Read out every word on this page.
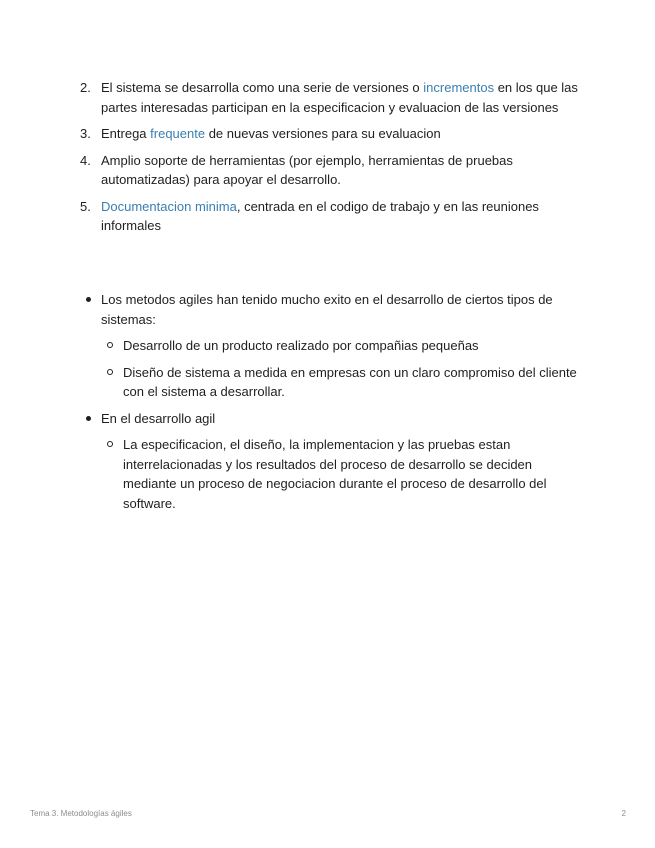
2. El sistema se desarrolla como una serie de versiones o incrementos en los que las partes interesadas participan en la especificacion y evaluacion de las versiones
3. Entrega frequente de nuevas versiones para su evaluacion
4. Amplio soporte de herramientas (por ejemplo, herramientas de pruebas automatizadas) para apoyar el desarrollo.
5. Documentacion minima, centrada en el codigo de trabajo y en las reuniones informales
Los metodos agiles han tenido mucho exito en el desarrollo de ciertos tipos de sistemas:
Desarrollo de un producto realizado por compañias pequeñas
Diseño de sistema a medida en empresas con un claro compromiso del cliente con el sistema a desarrollar.
En el desarrollo agil
La especificacion, el diseño, la implementacion y las pruebas estan interrelacionadas y los resultados del proceso de desarrollo se deciden mediante un proceso de negociacion durante el proceso de desarrollo del software.
Tema 3. Metodologías ágiles	2
